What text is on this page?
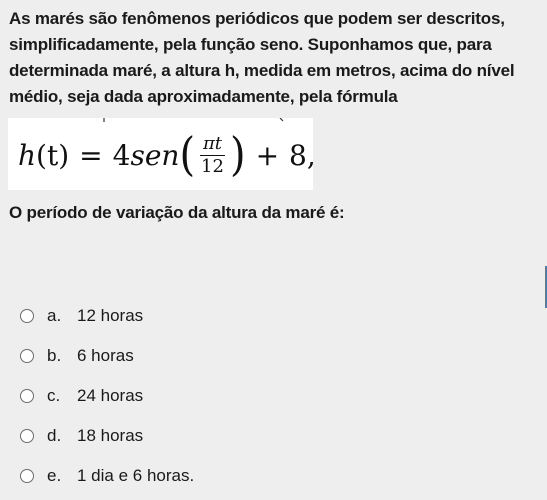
As marés são fenômenos periódicos que podem ser descritos, simplificadamente, pela função seno. Suponhamos que, para determinada maré, a altura h, medida em metros, acima do nível médio, seja dada aproximadamente, pela fórmula
h (t) = 4 sen ( $\frac{\pi t}{12}$ ) + 8 ,
O período de variação da altura da maré é:
a. 12 horas
b. 6 horas
c. 24 horas
d. 18 horas
e. 1 dia e 6 horas.
